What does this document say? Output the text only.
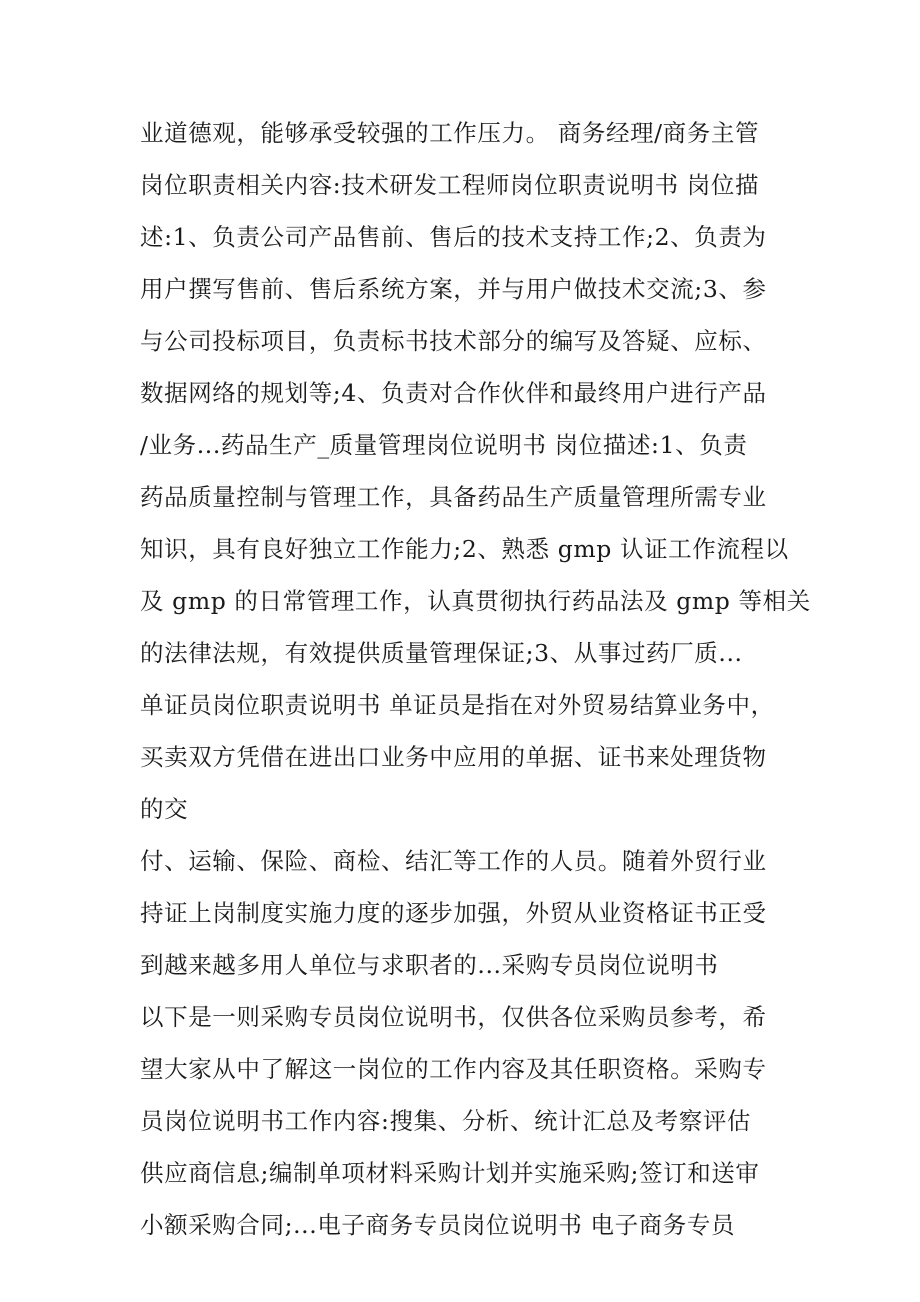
业道德观，能够承受较强的工作压力。 商务经理/商务主管
岗位职责相关内容:技术研发工程师岗位职责说明书 岗位描
述:1、负责公司产品售前、售后的技术支持工作;2、负责为
用户撰写售前、售后系统方案，并与用户做技术交流;3、参
与公司投标项目，负责标书技术部分的编写及答疑、应标、
数据网络的规划等;4、负责对合作伙伴和最终用户进行产品
/业务...药品生产_质量管理岗位说明书 岗位描述:1、负责
药品质量控制与管理工作，具备药品生产质量管理所需专业
知识，具有良好独立工作能力;2、熟悉 gmp 认证工作流程以
及 gmp 的日常管理工作，认真贯彻执行药品法及 gmp 等相关
的法律法规，有效提供质量管理保证;3、从事过药厂质...
单证员岗位职责说明书 单证员是指在对外贸易结算业务中，
买卖双方凭借在进出口业务中应用的单据、证书来处理货物
的交
付、运输、保险、商检、结汇等工作的人员。随着外贸行业
持证上岗制度实施力度的逐步加强，外贸从业资格证书正受
到越来越多用人单位与求职者的...采购专员岗位说明书
以下是一则采购专员岗位说明书，仅供各位采购员参考，希
望大家从中了解这一岗位的工作内容及其任职资格。采购专
员岗位说明书工作内容:搜集、分析、统计汇总及考察评估
供应商信息;编制单项材料采购计划并实施采购;签订和送审
小额采购合同;...电子商务专员岗位说明书 电子商务专员
